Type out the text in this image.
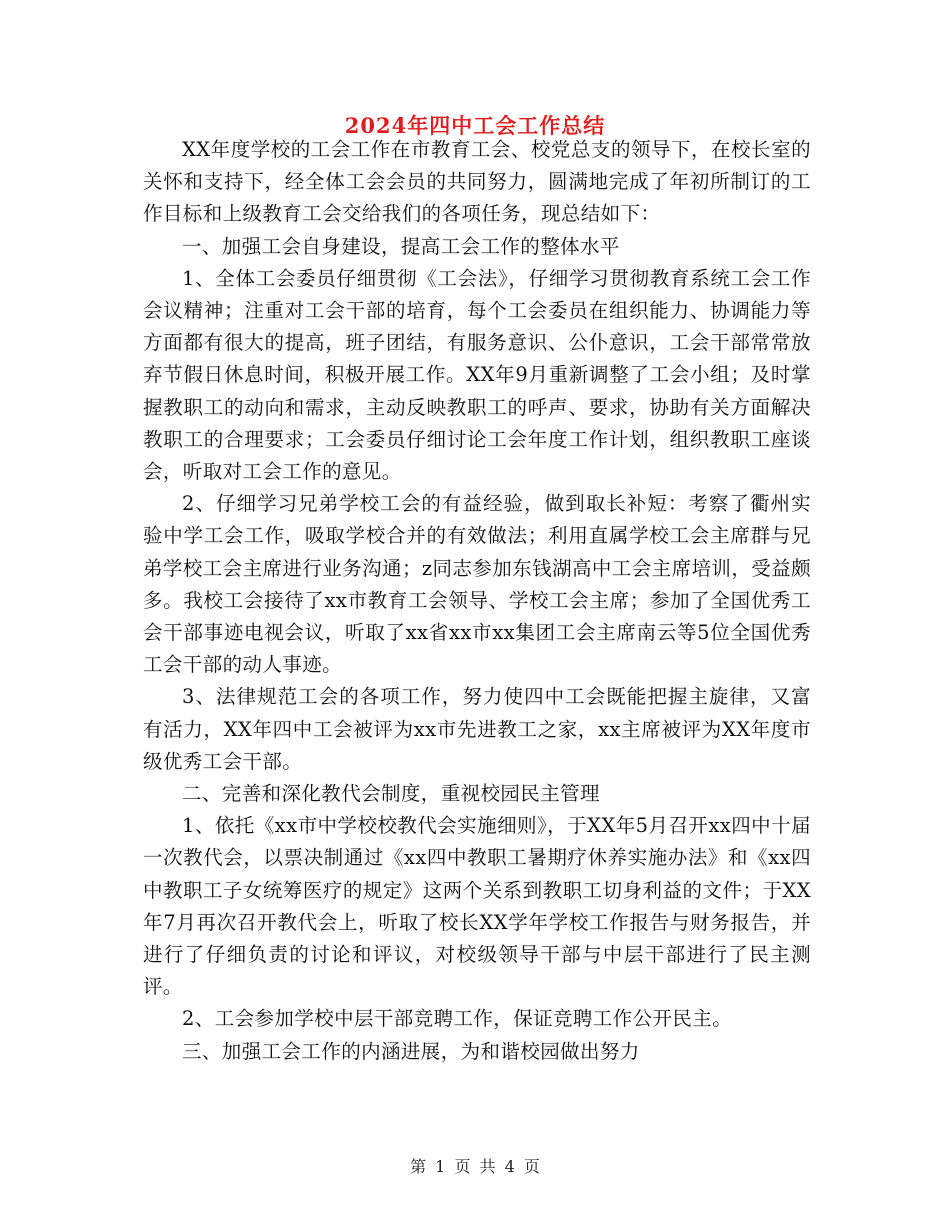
2024年四中工会工作总结

XX年度学校的工会工作在市教育工会、校党总支的领导下，在校长室的关怀和支持下，经全体工会会员的共同努力，圆满地完成了年初所制订的工作目标和上级教育工会交给我们的各项任务，现总结如下：

一、加强工会自身建设，提高工会工作的整体水平

1、全体工会委员仔细贯彻《工会法》，仔细学习贯彻教育系统工会工作会议精神；注重对工会干部的培育，每个工会委员在组织能力、协调能力等方面都有很大的提高，班子团结，有服务意识、公仆意识，工会干部常常放弃节假日休息时间，积极开展工作。XX年9月重新调整了工会小组；及时掌握教职工的动向和需求，主动反映教职工的呼声、要求，协助有关方面解决教职工的合理要求；工会委员仔细讨论工会年度工作计划，组织教职工座谈会，听取对工会工作的意见。

2、仔细学习兄弟学校工会的有益经验，做到取长补短：考察了衢州实验中学工会工作，吸取学校合并的有效做法；利用直属学校工会主席群与兄弟学校工会主席进行业务沟通；z同志参加东钱湖高中工会主席培训，受益颇多。我校工会接待了xx市教育工会领导、学校工会主席；参加了全国优秀工会干部事迹电视会议，听取了xx省xx市xx集团工会主席南云等5位全国优秀工会干部的动人事迹。

3、法律规范工会的各项工作，努力使四中工会既能把握主旋律，又富有活力，XX年四中工会被评为xx市先进教工之家，xx主席被评为XX年度市级优秀工会干部。

二、完善和深化教代会制度，重视校园民主管理

1、依托《xx市中学校校教代会实施细则》，于XX年5月召开xx四中十届一次教代会，以票决制通过《xx四中教职工暑期疗休养实施办法》和《xx四中教职工子女统筹医疗的规定》这两个关系到教职工切身利益的文件；于XX年7月再次召开教代会上，听取了校长XX学年学校工作报告与财务报告，并进行了仔细负责的讨论和评议，对校级领导干部与中层干部进行了民主测评。

2、工会参加学校中层干部竞聘工作，保证竞聘工作公开民主。

三、加强工会工作的内涵进展，为和谐校园做出努力

第 1 页 共 4 页
